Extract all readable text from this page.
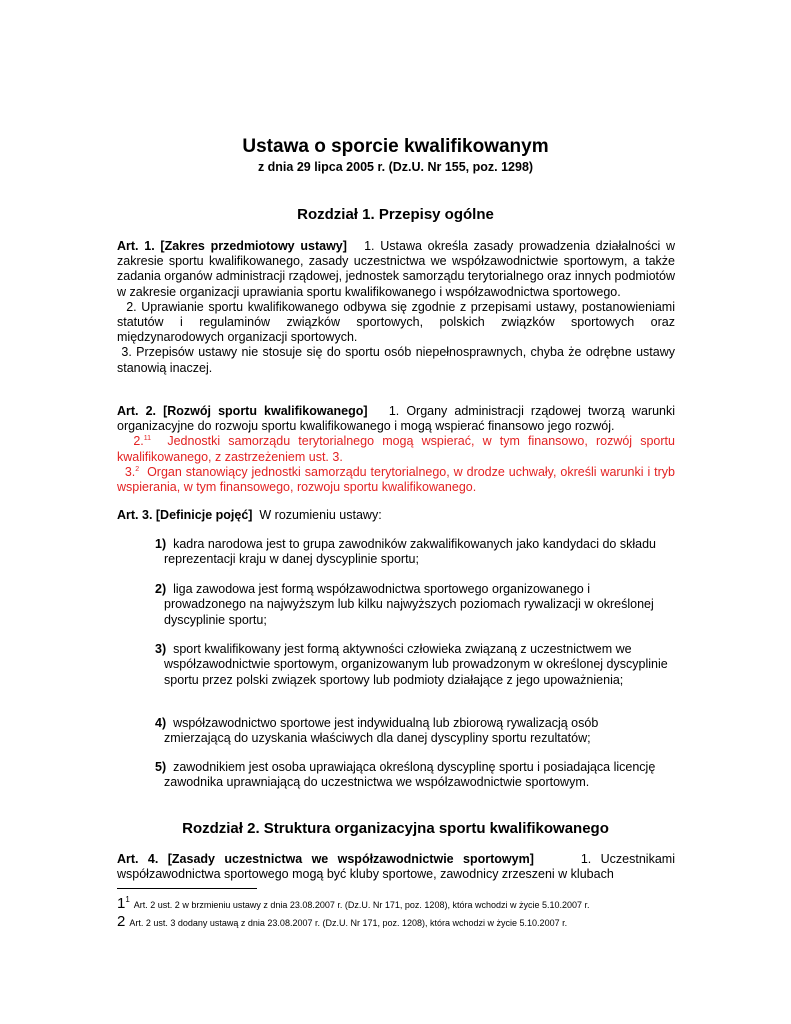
Ustawa o sporcie kwalifikowanym
z dnia 29 lipca 2005 r. (Dz.U. Nr 155, poz. 1298)
Rozdział 1. Przepisy ogólne
Art. 1. [Zakres przedmiotowy ustawy] 1. Ustawa określa zasady prowadzenia działalności w zakresie sportu kwalifikowanego, zasady uczestnictwa we współzawodnictwie sportowym, a także zadania organów administracji rządowej, jednostek samorządu terytorialnego oraz innych podmiotów w zakresie organizacji uprawiania sportu kwalifikowanego i współzawodnictwa sportowego.
2. Uprawianie sportu kwalifikowanego odbywa się zgodnie z przepisami ustawy, postanowieniami statutów i regulaminów związków sportowych, polskich związków sportowych oraz międzynarodowych organizacji sportowych.
3. Przepisów ustawy nie stosuje się do sportu osób niepełnosprawnych, chyba że odrębne ustawy stanowią inaczej.
Art. 2. [Rozwój sportu kwalifikowanego] 1. Organy administracji rządowej tworzą warunki organizacyjne do rozwoju sportu kwalifikowanego i mogą wspierać finansowo jego rozwój.
2.11 Jednostki samorządu terytorialnego mogą wspierać, w tym finansowo, rozwój sportu kwalifikowanego, z zastrzeżeniem ust. 3.
3.$^2$ Organ stanowiący jednostki samorządu terytorialnego, w drodze uchwały, określi warunki i tryb wspierania, w tym finansowego, rozwoju sportu kwalifikowanego.
Art. 3. [Definicje pojęć] W rozumieniu ustawy:
1) kadra narodowa jest to grupa zawodników zakwalifikowanych jako kandydaci do składu
reprezentacji kraju w danej dyscyplinie sportu;
2) liga zawodowa jest formą współzawodnictwa sportowego organizowanego i
prowadzonego na najwyższym lub kilku najwyższych poziomach rywalizacji w określonej dyscyplinie sportu;
3) sport kwalifikowany jest formą aktywności człowieka związaną z uczestnictwem we
współzawodnictwie sportowym, organizowanym lub prowadzonym w określonej dyscyplinie sportu przez polski związek sportowy lub podmioty działające z jego upoważnienia;
4) współzawodnictwo sportowe jest indywidualną lub zbiorową rywalizacją osób
zmierzającą do uzyskania właściwych dla danej dyscypliny sportu rezultatów;
5) zawodnikiem jest osoba uprawiająca określoną dyscyplinę sportu i posiadająca licencję
zawodnika uprawniającą do uczestnictwa we współzawodnictwie sportowym.
Rozdział 2. Struktura organizacyjna sportu kwalifikowanego
Art. 4. [Zasady uczestnictwa we współzawodnictwie sportowym]	1. Uczestnikami współzawodnictwa sportowego mogą być kluby sportowe, zawodnicy zrzeszeni w klubach
$1^1Art$. 2 ust. 2 w brzmieniu ustawy z dnia 23.08.2007 r. (Dz.U. Nr 171, poz. 1208), która wchodzi w życie 5.10.2007 r.
2 Art. 2 ust. 3 dodany ustawą z dnia 23.08.2007 r. (Dz.U. Nr 171, poz. 1208), która wchodzi w życie 5.10.2007 r.
